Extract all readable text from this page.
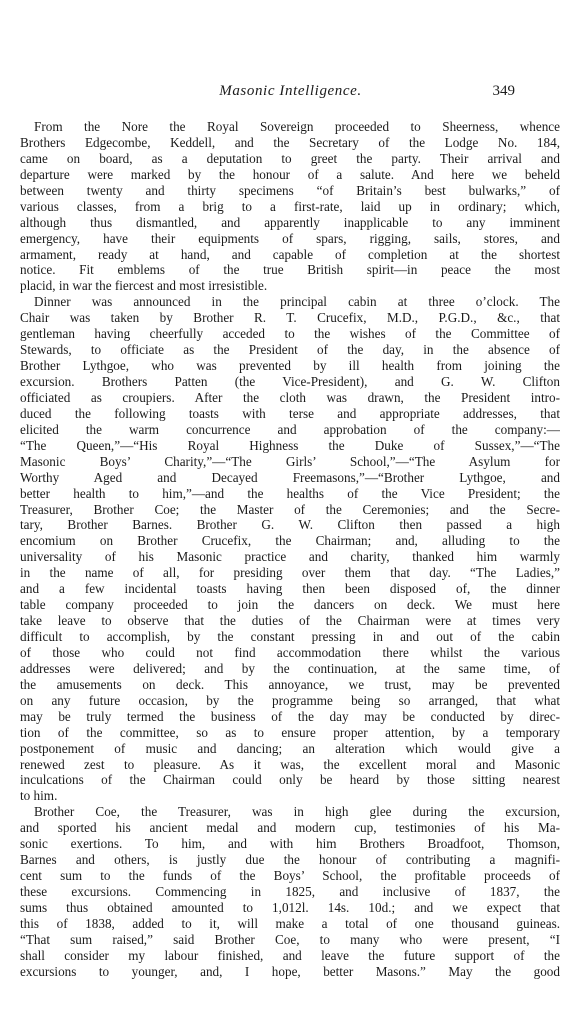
Masonic Intelligence.	349
From the Nore the Royal Sovereign proceeded to Sheerness, whence
Brothers Edgecombe, Keddell, and the Secretary of the Lodge No. 184,
came on board, as a deputation to greet the party. Their arrival and
departure were marked by the honour of a salute. And here we beheld
between twenty and thirty specimens “of Britain’s best bulwarks,” of
various classes, from a brig to a first-rate, laid up in ordinary; which,
although thus dismantled, and apparently inapplicable to any imminent
emergency, have their equipments of spars, rigging, sails, stores, and
armament, ready at hand, and capable of completion at the shortest
notice. Fit emblems of the true British spirit—in peace the most
placid, in war the fiercest and most irresistible.
Dinner was announced in the principal cabin at three o’clock. The
Chair was taken by Brother R. T. Crucefix, M.D., P.G.D., &c., that
gentleman having cheerfully acceded to the wishes of the Committee of
Stewards, to officiate as the President of the day, in the absence of
Brother Lythgoe, who was prevented by ill health from joining the
excursion. Brothers Patten (the Vice-President), and G. W. Clifton
officiated as croupiers. After the cloth was drawn, the President intro-
duced the following toasts with terse and appropriate addresses, that
elicited the warm concurrence and approbation of the company:—
“The Queen,”—“His Royal Highness the Duke of Sussex,”—“The
Masonic Boys’ Charity,”—“The Girls’ School,”—“The Asylum for
Worthy Aged and Decayed Freemasons,”—“Brother Lythgoe, and
better health to him,”—and the healths of the Vice President; the
Treasurer, Brother Coe; the Master of the Ceremonies; and the Secre-
tary, Brother Barnes. Brother G. W. Clifton then passed a high
encomium on Brother Crucefix, the Chairman; and, alluding to the
universality of his Masonic practice and charity, thanked him warmly
in the name of all, for presiding over them that day. “The Ladies,”
and a few incidental toasts having then been disposed of, the dinner
table company proceeded to join the dancers on deck. We must here
take leave to observe that the duties of the Chairman were at times very
difficult to accomplish, by the constant pressing in and out of the cabin
of those who could not find accommodation there whilst the various
addresses were delivered; and by the continuation, at the same time, of
the amusements on deck. This annoyance, we trust, may be prevented
on any future occasion, by the programme being so arranged, that what
may be truly termed the business of the day may be conducted by direc-
tion of the committee, so as to ensure proper attention, by a temporary
postponement of music and dancing; an alteration which would give a
renewed zest to pleasure. As it was, the excellent moral and Masonic
inculcations of the Chairman could only be heard by those sitting nearest
to him.
Brother Coe, the Treasurer, was in high glee during the excursion,
and sported his ancient medal and modern cup, testimonies of his Ma-
sonic exertions. To him, and with him Brothers Broadfoot, Thomson,
Barnes and others, is justly due the honour of contributing a magnifi-
cent sum to the funds of the Boys’ School, the profitable proceeds of
these excursions. Commencing in 1825, and inclusive of 1837, the
sums thus obtained amounted to 1,012l. 14s. 10d.; and we expect that
this of 1838, added to it, will make a total of one thousand guineas.
“That sum raised,” said Brother Coe, to many who were present, “I
shall consider my labour finished, and leave the future support of the
excursions to younger, and, I hope, better Masons.” May the good
